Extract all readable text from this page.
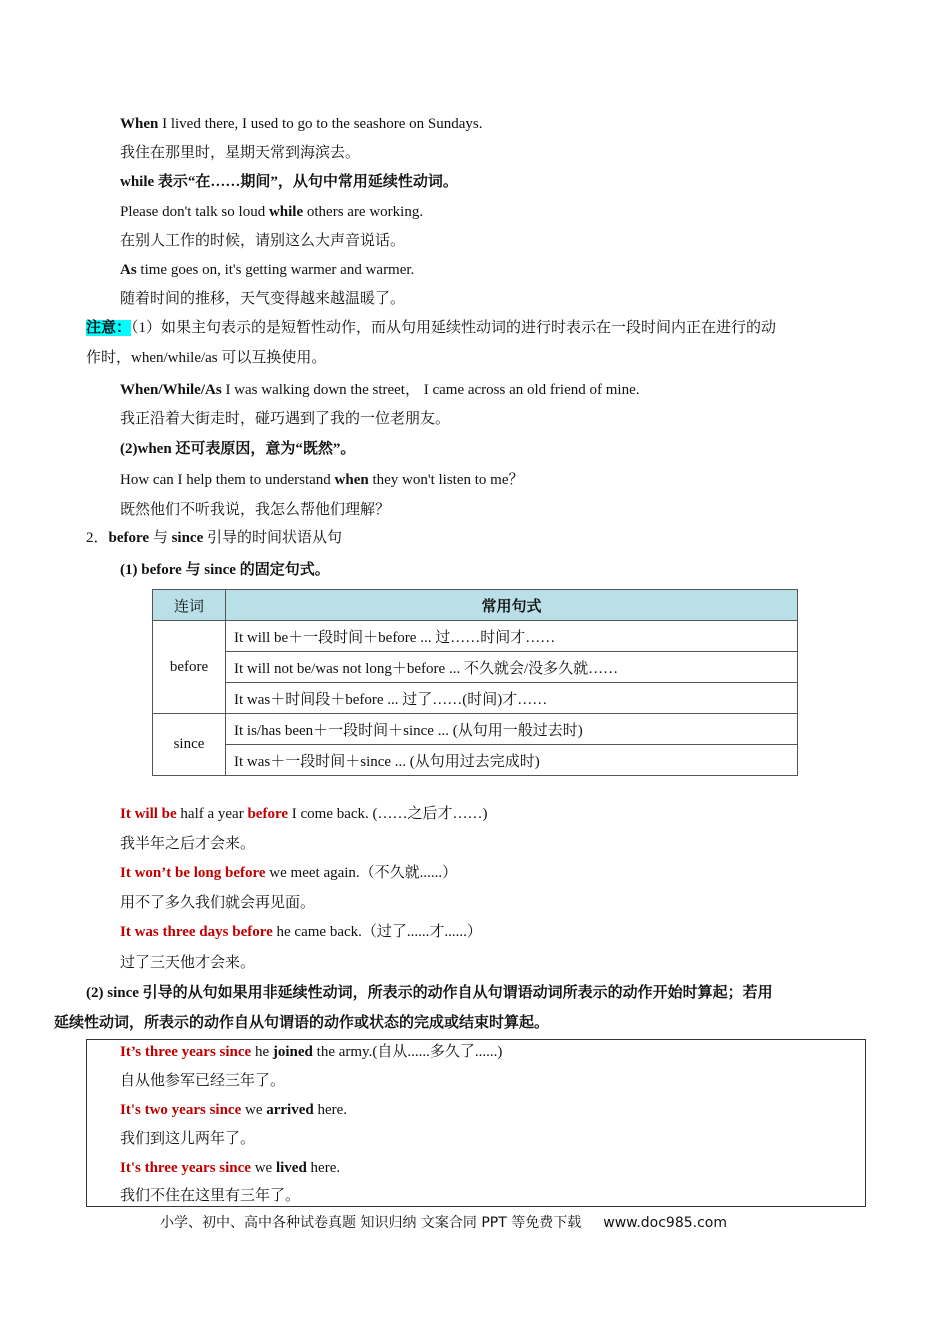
When I lived there, I used to go to the seashore on Sundays.
我住在那里时，星期天常到海滨去。
while 表示“在……期间”，从句中常用延续性动词。
Please don't talk so loud while others are working.
在别人工作的时候，请别这么大声音说话。
As time goes on, it's getting warmer and warmer.
随着时间的推移，天气变得越来越温暖了。
注意：（1）如果主句表示的是短暂性动作，而从句用延续性动词的进行时表示在一段时间内正在进行的动
作时，when/while/as 可以互换使用。
When/While/As I was walking down the street， I came across an old friend of mine.
我正沿着大街走时，碰巧遇到了我的一位老朋友。
(2)when 还可表原因，意为“既然”。
How can I help them to understand when they won't listen to me？
既然他们不听我说，我怎么帮他们理解？
2．before 与 since 引导的时间状语从句
(1) before 与 since 的固定句式。
连词	常用句式
before	It will be＋一段时间＋before ... 过……时间才……
	It will not be/was not long＋before ... 不久就会/没多久就……
	It was＋时间段＋before ... 过了……(时间)才……
since	It is/has been＋一段时间＋since ... (从句用一般过去时)
	It was＋一段时间＋since ... (从句用过去完成时)
It will be half a year before I come back. (……之后才……)
我半年之后才会来。
It won’t be long before we meet again.（不久就......）
用不了多久我们就会再见面。
It was three days before he came back.（过了......才......）
过了三天他才会来。
(2) since 引导的从句如果用非延续性动词，所表示的动作自从句谓语动词所表示的动作开始时算起；若用
延续性动词，所表示的动作自从句谓语的动作或状态的完成或结束时算起。
It’s three years since he joined the army.(自从......多久了......)
自从他参军已经三年了。
It's two years since we arrived here.
我们到这儿两年了。
It's three years since we lived here.
我们不住在这里有三年了。
小学、初中、高中各种试卷真题 知识归纳 文案合同 PPT 等免费下载 www.doc985.com
